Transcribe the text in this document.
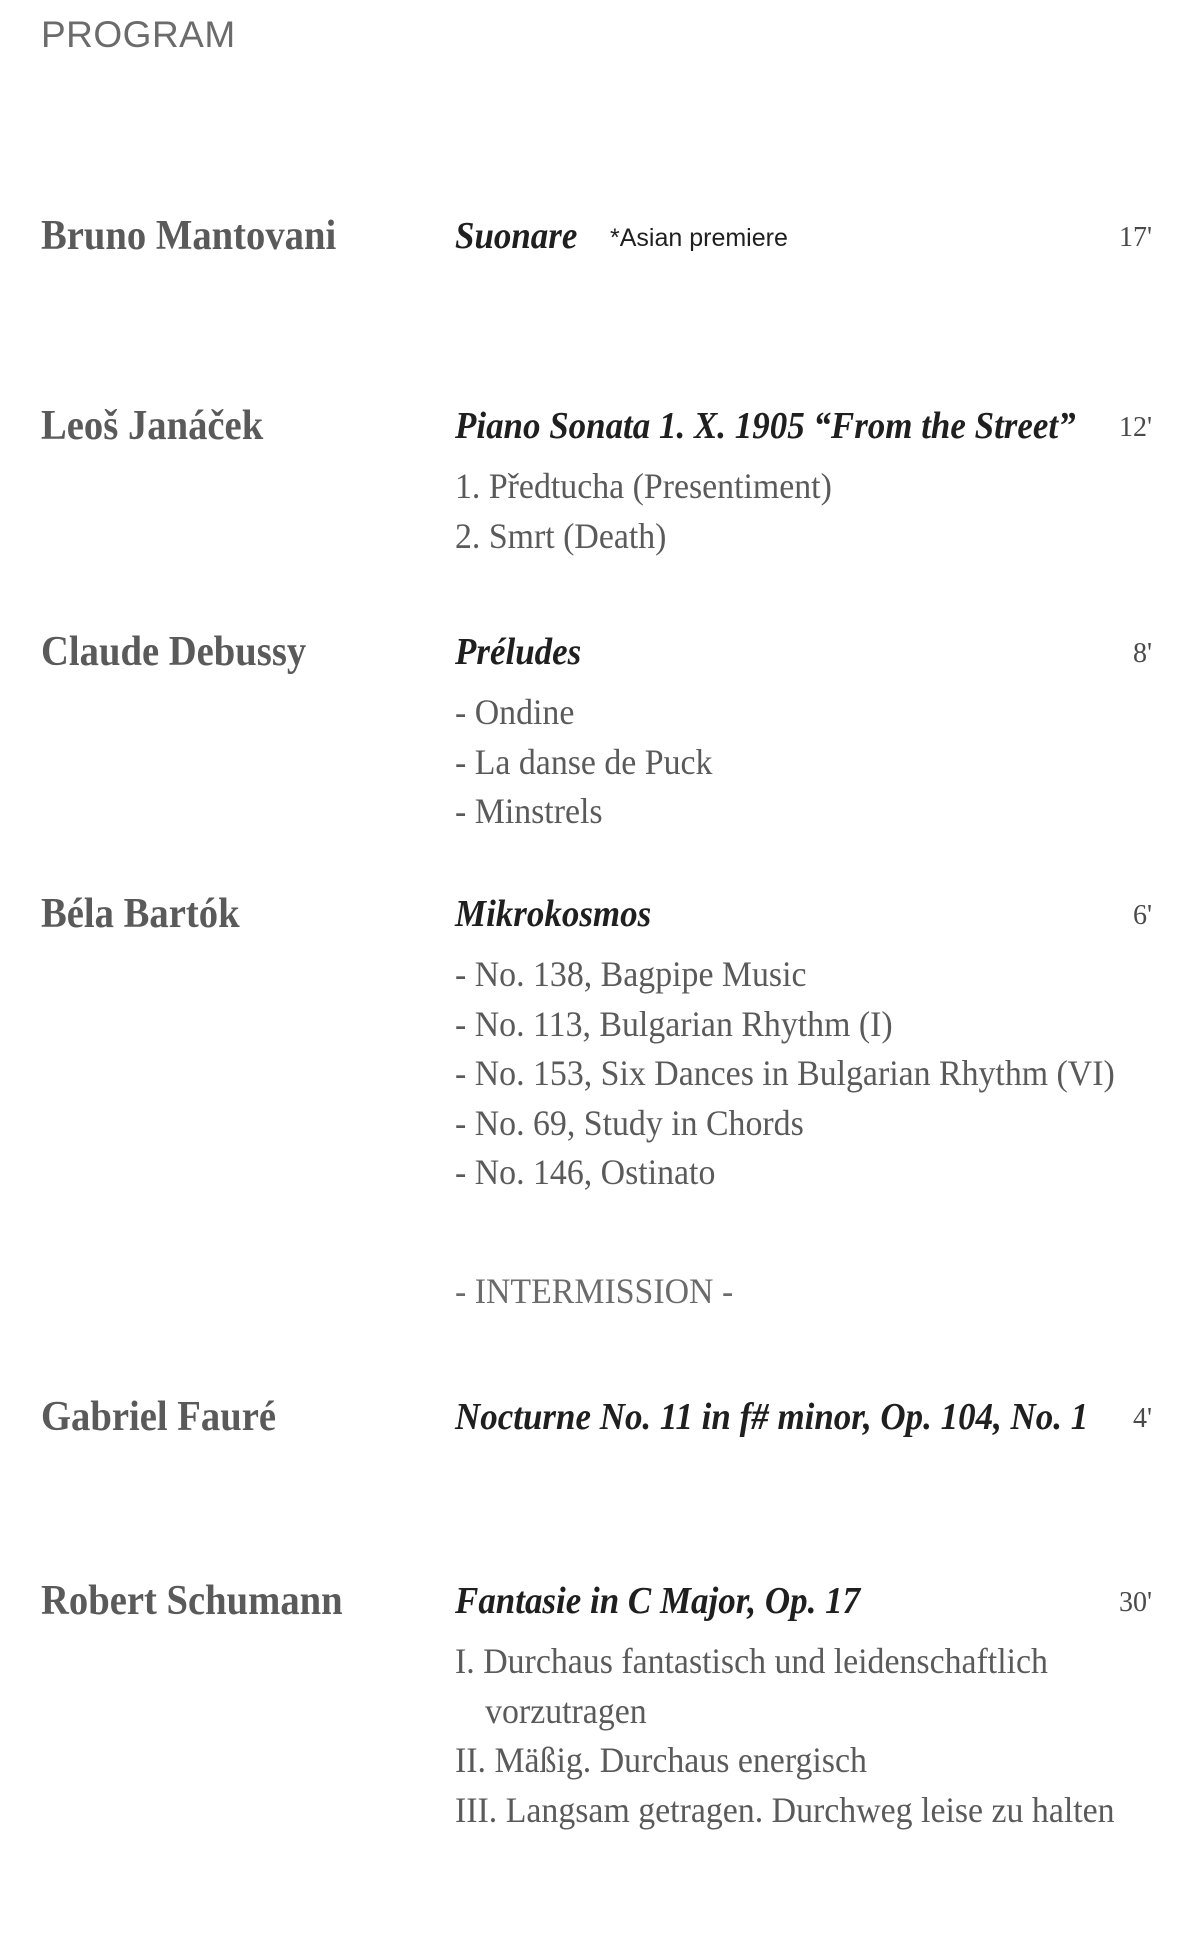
PROGRAM
Bruno Mantovani	Suonare *Asian premiere	17'
Leoš Janáček	Piano Sonata 1. X. 1905 “From the Street” 12'
1. Předtucha (Presentiment)
2. Smrt (Death)
Claude Debussy	Préludes	8'
- Ondine
- La danse de Puck
- Minstrels
Béla Bartók	Mikrokosmos	6'
- No. 138, Bagpipe Music
- No. 113, Bulgarian Rhythm (I)
- No. 153, Six Dances in Bulgarian Rhythm (VI)
- No. 69, Study in Chords
- No. 146, Ostinato
- INTERMISSION -
Gabriel Fauré	Nocturne No. 11 in f# minor, Op. 104, No. 1 4'
Robert Schumann	Fantasie in C Major, Op. 17	30'
I. Durchaus fantastisch und leidenschaftlich
vorzutragen
II. Mäßig. Durchaus energisch
III. Langsam getragen. Durchweg leise zu halten
